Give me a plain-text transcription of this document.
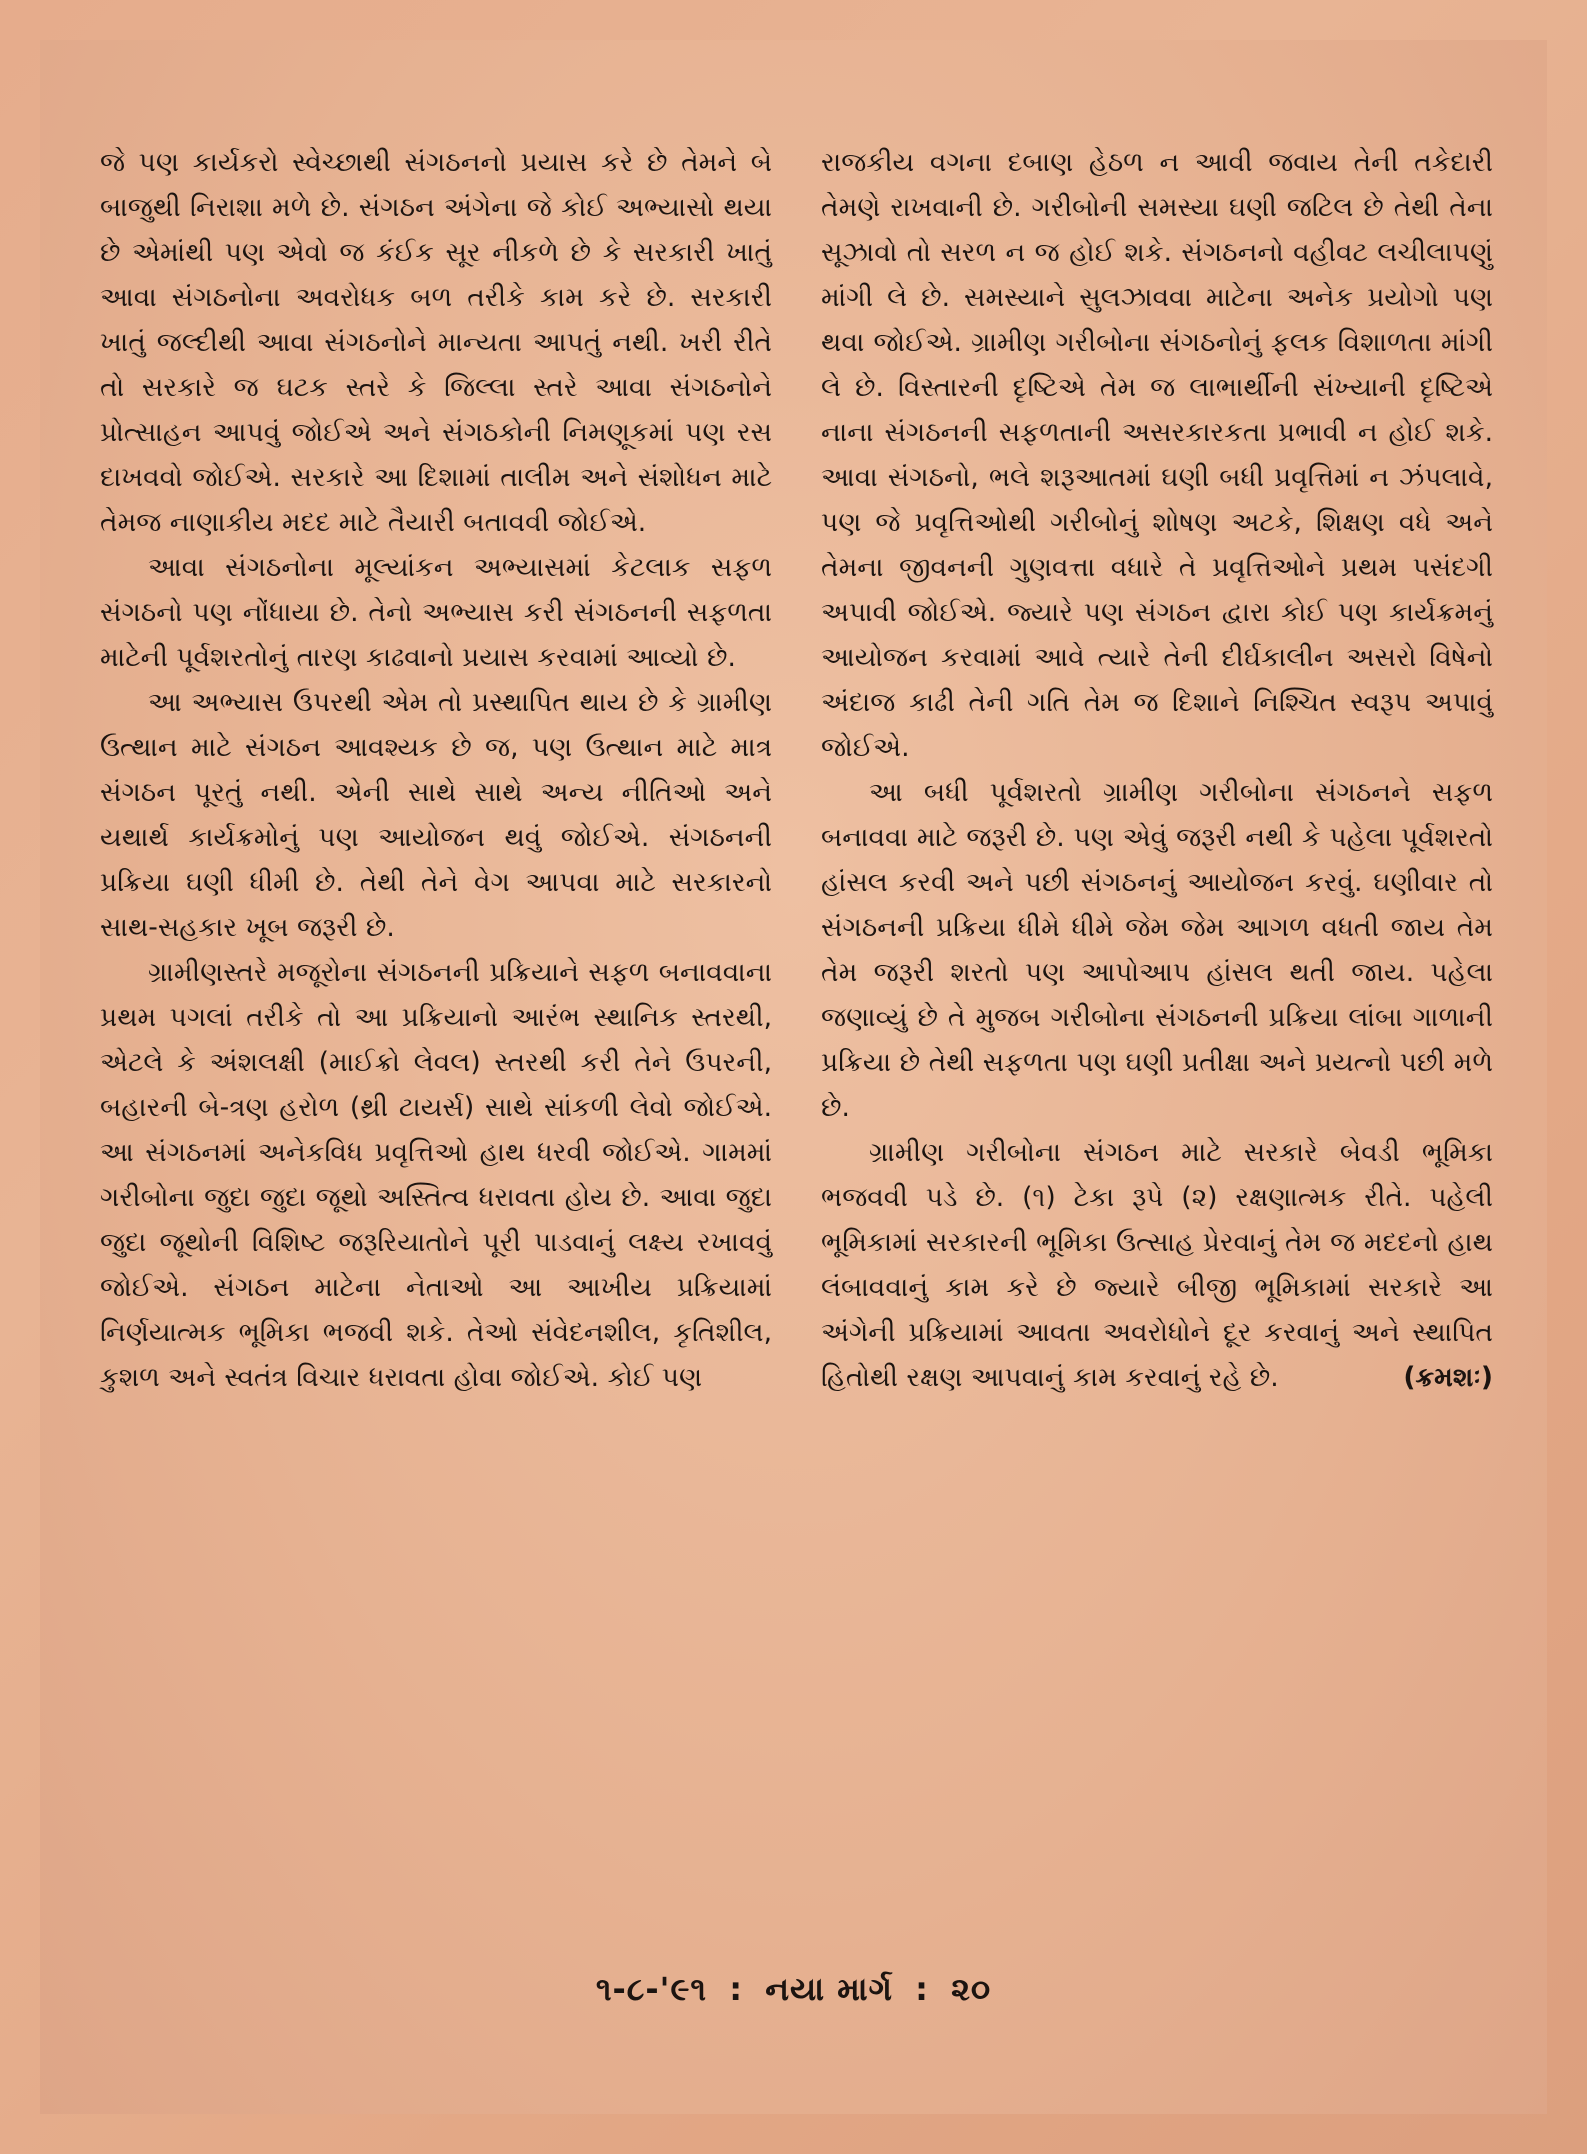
જે પણ કાર્યકરો સ્વેચ્છાથી સંગઠનનો પ્રયાસ કરે છે તેમને બે બાજુથી નિરાશા મળે છે. સંગઠન અંગેના જે કોઈ અભ્યાસો થયા છે એમાંથી પણ એવો જ કંઈક સૂર નીકળે છે કે સરકારી ખાતું આવા સંગઠનોના અવરોધક બળ તરીકે કામ કરે છે. સરકારી ખાતું જલ્દીથી આવા સંગઠનોને માન્યતા આપતું નથી. ખરી રીતે તો સરકારે જ ઘટક સ્તરે કે જિલ્લા સ્તરે આવા સંગઠનોને પ્રોત્સાહન આપવું જોઈએ અને સંગઠકોની નિમણૂકમાં પણ રસ દાખવવો જોઈએ. સરકારે આ દિશામાં તાલીમ અને સંશોધન માટે તેમજ નાણાકીય મદદ માટે તૈયારી બતાવવી જોઈએ.

આવા સંગઠનોના મૂલ્યાંકન અભ્યાસમાં કેટલાક સફળ સંગઠનો પણ નોંધાયા છે. તેનો અભ્યાસ કરી સંગઠનની સફળતા માટેની પૂર્વશરતોનું તારણ કાઢવાનો પ્રયાસ કરવામાં આવ્યો છે.

આ અભ્યાસ ઉપરથી એમ તો પ્રસ્થાપિત થાય છે કે ગ્રામીણ ઉત્થાન માટે સંગઠન આવશ્યક છે જ, પણ ઉત્થાન માટે માત્ર સંગઠન પૂરતું નથી. એની સાથે સાથે અન્ય નીતિઓ અને યથાર્થ કાર્યક્રમોનું પણ આયોજન થવું જોઈએ. સંગઠનની પ્રક્રિયા ઘણી ધીમી છે. તેથી તેને વેગ આપવા માટે સરકારનો સાથ-સહકાર ખૂબ જરૂરી છે.

ગ્રામીણસ્તરે મજૂરોના સંગઠનની પ્રક્રિયાને સફળ બનાવવાના પ્રથમ પગલાં તરીકે તો આ પ્રક્રિયાનો આરંભ સ્થાનિક સ્તરથી, એટલે કે અંશલક્ષી (માઈક્રો લેવલ) સ્તરથી કરી તેને ઉપરની, બહારની બે-ત્રણ હરોળ (થ્રી ટાયર્સ) સાથે સાંકળી લેવો જોઈએ. આ સંગઠનમાં અનેકવિધ પ્રવૃત્તિઓ હાથ ધરવી જોઈએ. ગામમાં ગરીબોના જુદા જુદા જૂથો અસ્તિત્વ ધરાવતા હોય છે. આવા જુદા જુદા જૂથોની વિશિષ્ટ જરૂરિયાતોને પૂરી પાડવાનું લક્ષ્ય રખાવવું જોઈએ. સંગઠન માટેના નેતાઓ આ આખીય પ્રક્રિયામાં નિર્ણયાત્મક ભૂમિકા ભજવી શકે. તેઓ સંવેદનશીલ, કૃતિશીલ, કુશળ અને સ્વતંત્ર વિચાર ધરાવતા હોવા જોઈએ. કોઈ પણ

રાજકીય વગના દબાણ હેઠળ ન આવી જવાય તેની તકેદારી તેમણે રાખવાની છે. ગરીબોની સમસ્યા ઘણી જટિલ છે તેથી તેના સૂઝાવો તો સરળ ન જ હોઈ શકે. સંગઠનનો વહીવટ લચીલાપણું માંગી લે છે. સમસ્યાને સુલઝાવવા માટેના અનેક પ્રયોગો પણ થવા જોઈએ. ગ્રામીણ ગરીબોના સંગઠનોનું ફલક વિશાળતા માંગી લે છે. વિસ્તારની દૃષ્ટિએ તેમ જ લાભાર્થીની સંખ્યાની દૃષ્ટિએ નાના સંગઠનની સફળતાની અસરકારકતા પ્રભાવી ન હોઈ શકે. આવા સંગઠનો, ભલે શરૂઆતમાં ઘણી બધી પ્રવૃત્તિમાં ન ઝંપલાવે, પણ જે પ્રવૃત્તિઓથી ગરીબોનું શોષણ અટકે, શિક્ષણ વધે અને તેમના જીવનની ગુણવત્તા વધારે તે પ્રવૃત્તિઓને પ્રથમ પસંદગી અપાવી જોઈએ. જ્યારે પણ સંગઠન દ્વારા કોઈ પણ કાર્યક્રમનું આયોજન કરવામાં આવે ત્યારે તેની દીર્ઘકાલીન અસરો વિષેનો અંદાજ કાઢી તેની ગતિ તેમ જ દિશાને નિશ્ચિત સ્વરૂપ અપાવું જોઈએ.

આ બધી પૂર્વશરતો ગ્રામીણ ગરીબોના સંગઠનને સફળ બનાવવા માટે જરૂરી છે. પણ એવું જરૂરી નથી કે પહેલા પૂર્વશરતો હાંસલ કરવી અને પછી સંગઠનનું આયોજન કરવું. ઘણીવાર તો સંગઠનની પ્રક્રિયા ધીમે ધીમે જેમ જેમ આગળ વધતી જાય તેમ તેમ જરૂરી શરતો પણ આપોઆપ હાંસલ થતી જાય. પહેલા જણાવ્યું છે તે મુજબ ગરીબોના સંગઠનની પ્રક્રિયા લાંબા ગાળાની પ્રક્રિયા છે તેથી સફળતા પણ ઘણી પ્રતીક્ષા અને પ્રયત્નો પછી મળે છે.

ગ્રામીણ ગરીબોના સંગઠન માટે સરકારે બેવડી ભૂમિકા ભજવવી પડે છે. (૧) ટેકા રૂપે (૨) રક્ષણાત્મક રીતે. પહેલી ભૂમિકામાં સરકારની ભૂમિકા ઉત્સાહ પ્રેરવાનું તેમ જ મદદનો હાથ લંબાવવાનું કામ કરે છે જ્યારે બીજી ભૂમિકામાં સરકારે આ અંગેની પ્રક્રિયામાં આવતા અવરોધોને દૂર કરવાનું અને સ્થાપિત હિતોથી રક્ષણ આપવાનું કામ કરવાનું રહે છે.	(ક્રમશઃ)
૧-૮-'૯૧ : નયા માર્ગ : ૨૦
